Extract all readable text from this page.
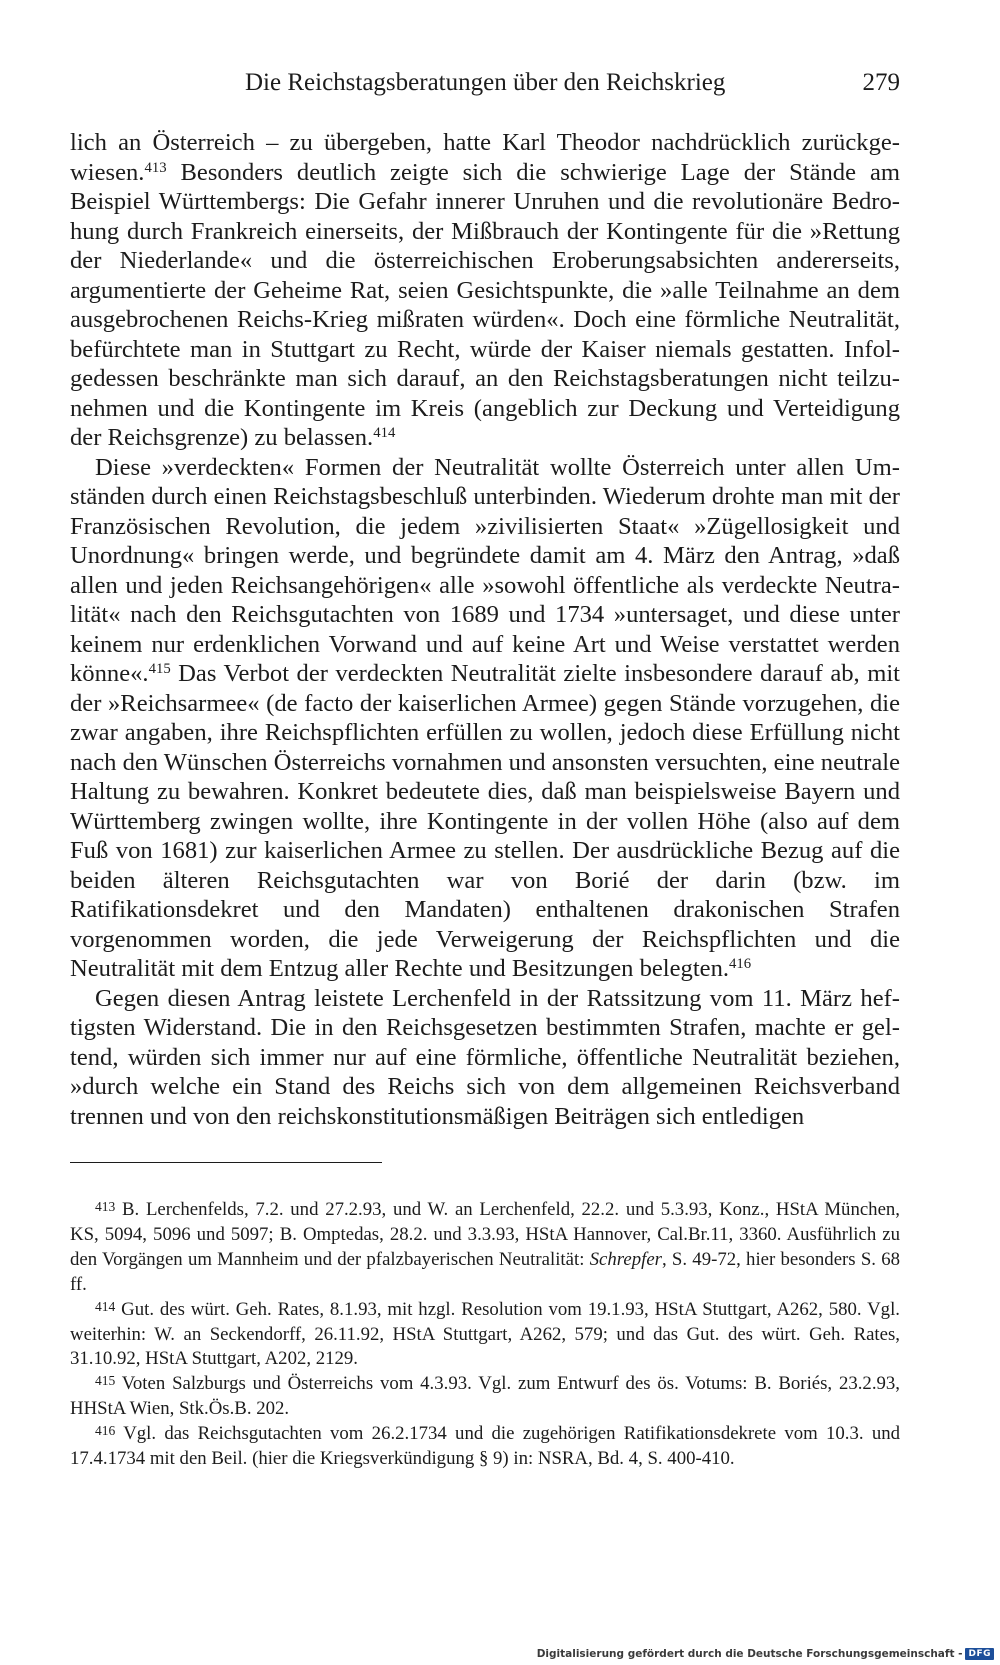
Die Reichstagsberatungen über den Reichskrieg	279

lich an Österreich – zu übergeben, hatte Karl Theodor nachdrücklich zurückgewiesen.$^{413}$ Besonders deutlich zeigte sich die schwierige Lage der Stände am Beispiel Württembergs: Die Gefahr innerer Unruhen und die revolutionäre Bedrohung durch Frankreich einerseits, der Mißbrauch der Kontingente für die »Rettung der Niederlande« und die österreichischen Eroberungsabsichten andererseits, argumentierte der Geheime Rat, seien Gesichtspunkte, die »alle Teilnahme an dem ausgebrochenen Reichs-Krieg mißraten würden«. Doch eine förmliche Neutralität, befürchtete man in Stuttgart zu Recht, würde der Kaiser niemals gestatten. Infolgedessen beschränkte man sich darauf, an den Reichstagsberatungen nicht teilzunehmen und die Kontingente im Kreis (angeblich zur Deckung und Verteidigung der Reichsgrenze) zu belassen.$^{414}$

Diese »verdeckten« Formen der Neutralität wollte Österreich unter allen Umständen durch einen Reichstagsbeschluß unterbinden. Wiederum drohte man mit der Französischen Revolution, die jedem »zivilisierten Staat« »Zügellosigkeit und Unordnung« bringen werde, und begründete damit am 4. März den Antrag, »daß allen und jeden Reichsangehörigen« alle »sowohl öffentliche als verdeckte Neutralität« nach den Reichsgutachten von 1689 und 1734 »untersaget, und diese unter keinem nur erdenklichen Vorwand und auf keine Art und Weise verstattet werden könne«.$^{415}$ Das Verbot der verdeckten Neutralität zielte insbesondere darauf ab, mit der »Reichsarmee« (de facto der kaiserlichen Armee) gegen Stände vorzugehen, die zwar angaben, ihre Reichspflichten erfüllen zu wollen, jedoch diese Erfüllung nicht nach den Wünschen Österreichs vornahmen und ansonsten versuchten, eine neutrale Haltung zu bewahren. Konkret bedeutete dies, daß man beispielsweise Bayern und Württemberg zwingen wollte, ihre Kontingente in der vollen Höhe (also auf dem Fuß von 1681) zur kaiserlichen Armee zu stellen. Der ausdrückliche Bezug auf die beiden älteren Reichsgutachten war von Borié der darin (bzw. im Ratifikationsdekret und den Mandaten) enthaltenen drakonischen Strafen vorgenommen worden, die jede Verweigerung der Reichspflichten und die Neutralität mit dem Entzug aller Rechte und Besitzungen belegten.$^{416}$

Gegen diesen Antrag leistete Lerchenfeld in der Ratssitzung vom 11. März heftigsten Widerstand. Die in den Reichsgesetzen bestimmten Strafen, machte er geltend, würden sich immer nur auf eine förmliche, öffentliche Neutralität beziehen, »durch welche ein Stand des Reichs sich von dem allgemeinen Reichsverband trennen und von den reichskonstitutionsmäßigen Beiträgen sich entledigen

$^{413}$ B. Lerchenfelds, 7.2. und 27.2.93, und W. an Lerchenfeld, 22.2. und 5.3.93, Konz., HStA München, KS, 5094, 5096 und 5097; B. Omptedas, 28.2. und 3.3.93, HStA Hannover, Cal.Br.11, 3360. Ausführlich zu den Vorgängen um Mannheim und der pfalzbayerischen Neutralität: Schrepfer, S. 49-72, hier besonders S. 68 ff.

$^{414}$ Gut. des würt. Geh. Rates, 8.1.93, mit hzgl. Resolution vom 19.1.93, HStA Stuttgart, A262, 580. Vgl. weiterhin: W. an Seckendorff, 26.11.92, HStA Stuttgart, A262, 579; und das Gut. des würt. Geh. Rates, 31.10.92, HStA Stuttgart, A202, 2129.

$^{415}$ Voten Salzburgs und Österreichs vom 4.3.93. Vgl. zum Entwurf des ös. Votums: B. Boriés, 23.2.93, HHStA Wien, Stk.Ös.B. 202.

$^{416}$ Vgl. das Reichsgutachten vom 26.2.1734 und die zugehörigen Ratifikationsdekrete vom 10.3. und 17.4.1734 mit den Beil. (hier die Kriegsverkündigung § 9) in: NSRA, Bd. 4, S. 400-410.

Digitalisierung gefördert durch die Deutsche Forschungsgemeinschaft - DFG
